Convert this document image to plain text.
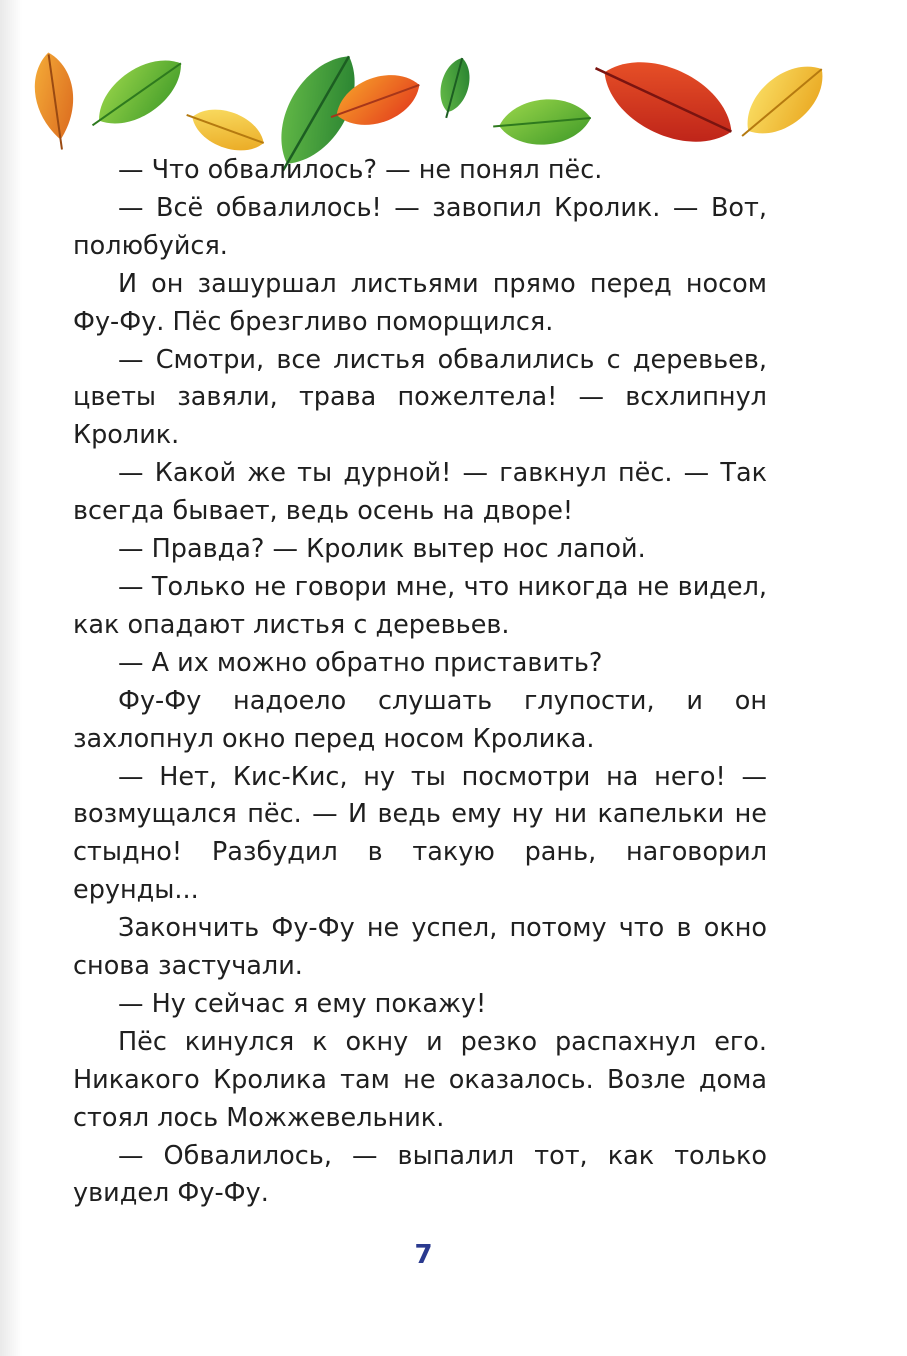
— Что обвалилось? — не понял пёс.

— Всё обвалилось! — завопил Кролик. — Вот, полюбуйся.

И он зашуршал листьями прямо перед носом Фу-Фу. Пёс брезгливо поморщился.

— Смотри, все листья обвалились с деревьев, цветы завяли, трава пожелтела! — всхлипнул Кролик.

— Какой же ты дурной! — гавкнул пёс. — Так всегда бывает, ведь осень на дворе!

— Правда? — Кролик вытер нос лапой.

— Только не говори мне, что никогда не видел, как опадают листья с деревьев.

— А их можно обратно приставить?

Фу-Фу надоело слушать глупости, и он захлопнул окно перед носом Кролика.

— Нет, Кис-Кис, ну ты посмотри на него! — возмущался пёс. — И ведь ему ну ни капельки не стыдно! Разбудил в такую рань, наговорил ерунды...

Закончить Фу-Фу не успел, потому что в окно снова застучали.

— Ну сейчас я ему покажу!

Пёс кинулся к окну и резко распахнул его. Никакого Кролика там не оказалось. Возле дома стоял лось Можжевельник.

— Обвалилось, — выпалил тот, как только увидел Фу-Фу.

7
